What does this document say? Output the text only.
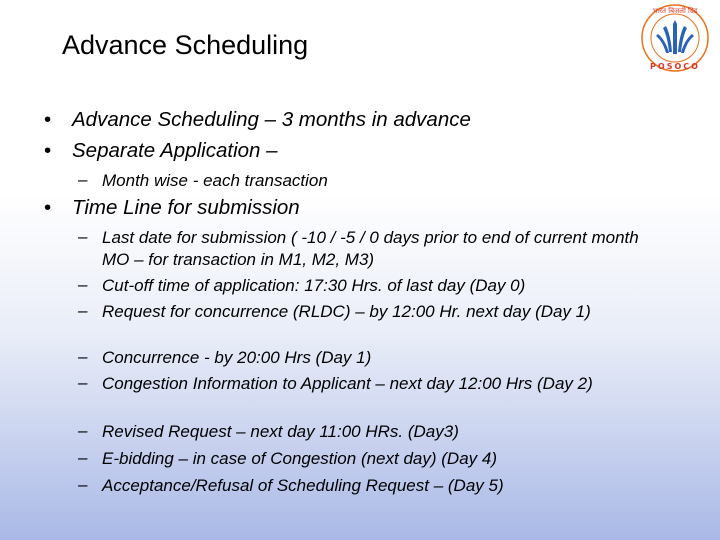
Advance Scheduling
भारत बिजली ग्रिड
POSOCO
• Advance Scheduling – 3 months in advance
• Separate Application –
– Month wise - each transaction
• Time Line for submission
– Last date for submission ( -10 / -5 / 0 days prior to end of current month MO – for transaction in M1, M2, M3)
– Cut-off time of application: 17:30 Hrs. of last day (Day 0)
– Request for concurrence (RLDC) – by 12:00 Hr. next day (Day 1)
– Concurrence - by 20:00 Hrs (Day 1)
– Congestion Information to Applicant – next day 12:00 Hrs (Day 2)
– Revised Request – next day 11:00 HRs. (Day3)
– E-bidding – in case of Congestion (next day) (Day 4)
– Acceptance/Refusal of Scheduling Request – (Day 5)
